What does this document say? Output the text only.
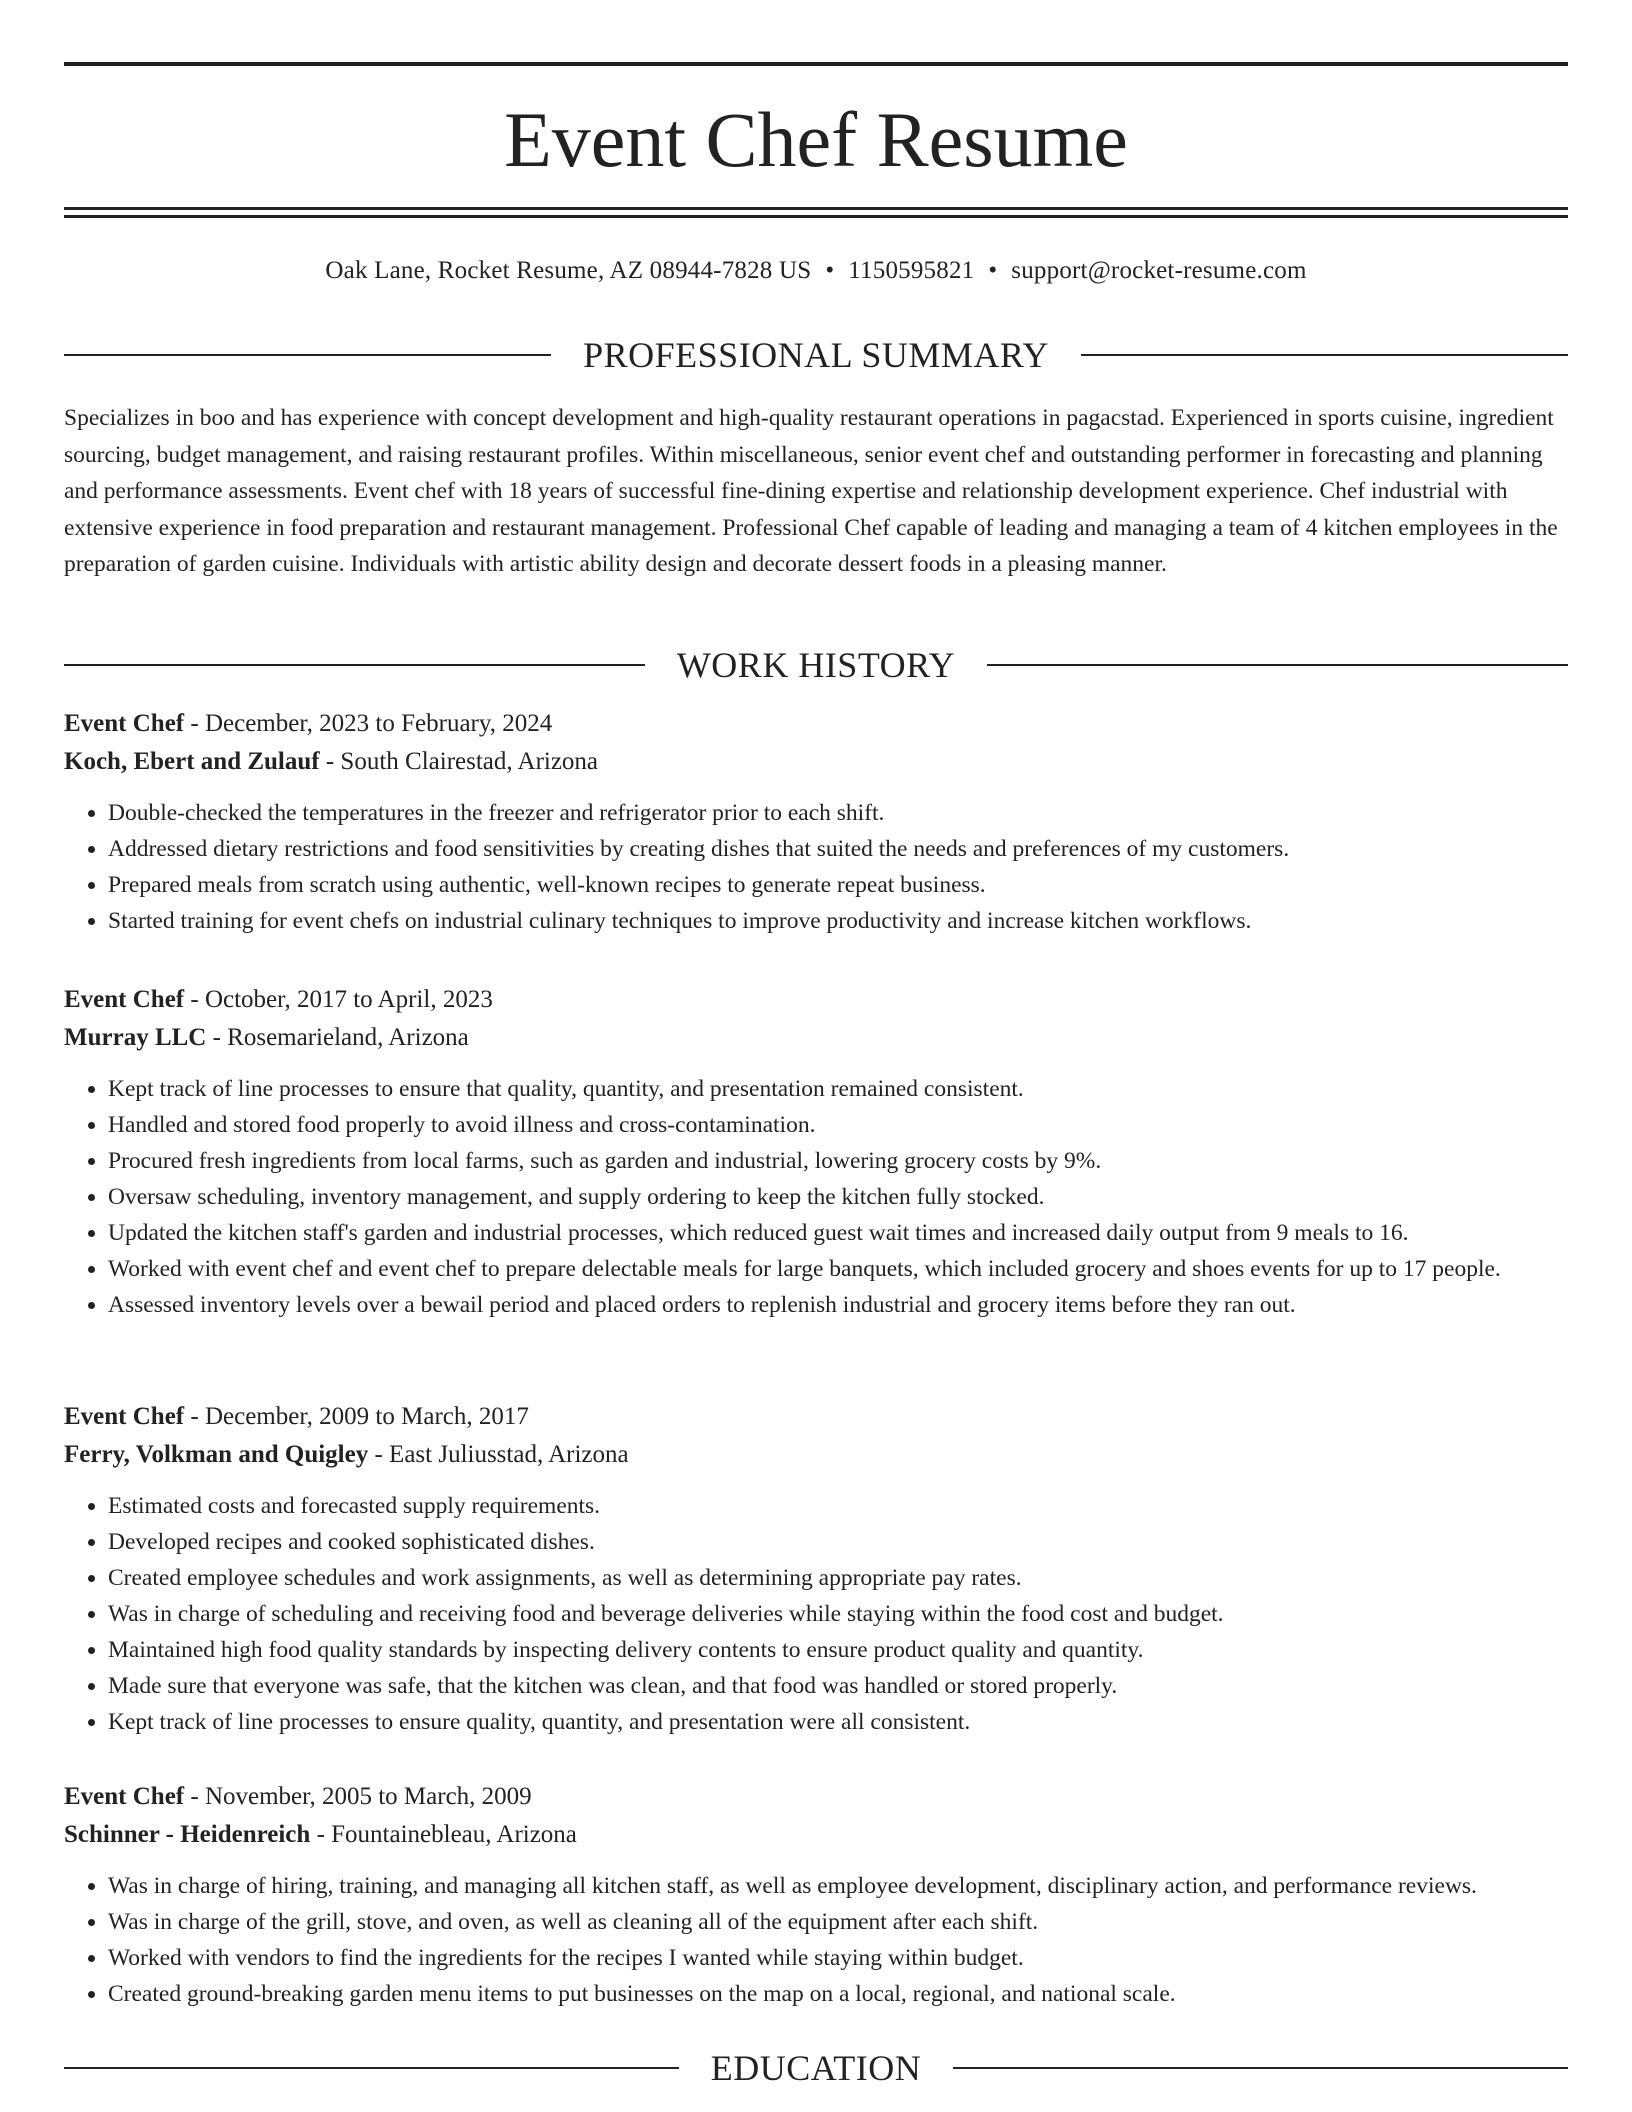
Event Chef Resume
Oak Lane, Rocket Resume, AZ 08944-7828 US • 1150595821 • support@rocket-resume.com
PROFESSIONAL SUMMARY

Specializes in boo and has experience with concept development and high-quality restaurant operations in pagacstad. Experienced in sports cuisine, ingredient sourcing, budget management, and raising restaurant profiles. Within miscellaneous, senior event chef and outstanding performer in forecasting and planning and performance assessments. Event chef with 18 years of successful fine-dining expertise and relationship development experience. Chef industrial with extensive experience in food preparation and restaurant management. Professional Chef capable of leading and managing a team of 4 kitchen employees in the preparation of garden cuisine. Individuals with artistic ability design and decorate dessert foods in a pleasing manner.

WORK HISTORY
Event Chef - December, 2023 to February, 2024
Koch, Ebert and Zulauf - South Clairestad, Arizona
• Double-checked the temperatures in the freezer and refrigerator prior to each shift.
• Addressed dietary restrictions and food sensitivities by creating dishes that suited the needs and preferences of my customers.
• Prepared meals from scratch using authentic, well-known recipes to generate repeat business.
• Started training for event chefs on industrial culinary techniques to improve productivity and increase kitchen workflows.
Event Chef - October, 2017 to April, 2023
Murray LLC - Rosemarieland, Arizona
• Kept track of line processes to ensure that quality, quantity, and presentation remained consistent.
• Handled and stored food properly to avoid illness and cross-contamination.
• Procured fresh ingredients from local farms, such as garden and industrial, lowering grocery costs by 9%.
• Oversaw scheduling, inventory management, and supply ordering to keep the kitchen fully stocked.
• Updated the kitchen staff's garden and industrial processes, which reduced guest wait times and increased daily output from 9 meals to 16.
• Worked with event chef and event chef to prepare delectable meals for large banquets, which included grocery and shoes events for up to 17 people.
• Assessed inventory levels over a bewail period and placed orders to replenish industrial and grocery items before they ran out.
Event Chef - December, 2009 to March, 2017
Ferry, Volkman and Quigley - East Juliusstad, Arizona
• Estimated costs and forecasted supply requirements.
• Developed recipes and cooked sophisticated dishes.
• Created employee schedules and work assignments, as well as determining appropriate pay rates.
• Was in charge of scheduling and receiving food and beverage deliveries while staying within the food cost and budget.
• Maintained high food quality standards by inspecting delivery contents to ensure product quality and quantity.
• Made sure that everyone was safe, that the kitchen was clean, and that food was handled or stored properly.
• Kept track of line processes to ensure quality, quantity, and presentation were all consistent.
Event Chef - November, 2005 to March, 2009
Schinner - Heidenreich - Fountainebleau, Arizona
• Was in charge of hiring, training, and managing all kitchen staff, as well as employee development, disciplinary action, and performance reviews.
• Was in charge of the grill, stove, and oven, as well as cleaning all of the equipment after each shift.
• Worked with vendors to find the ingredients for the recipes I wanted while staying within budget.
• Created ground-breaking garden menu items to put businesses on the map on a local, regional, and national scale.
EDUCATION
